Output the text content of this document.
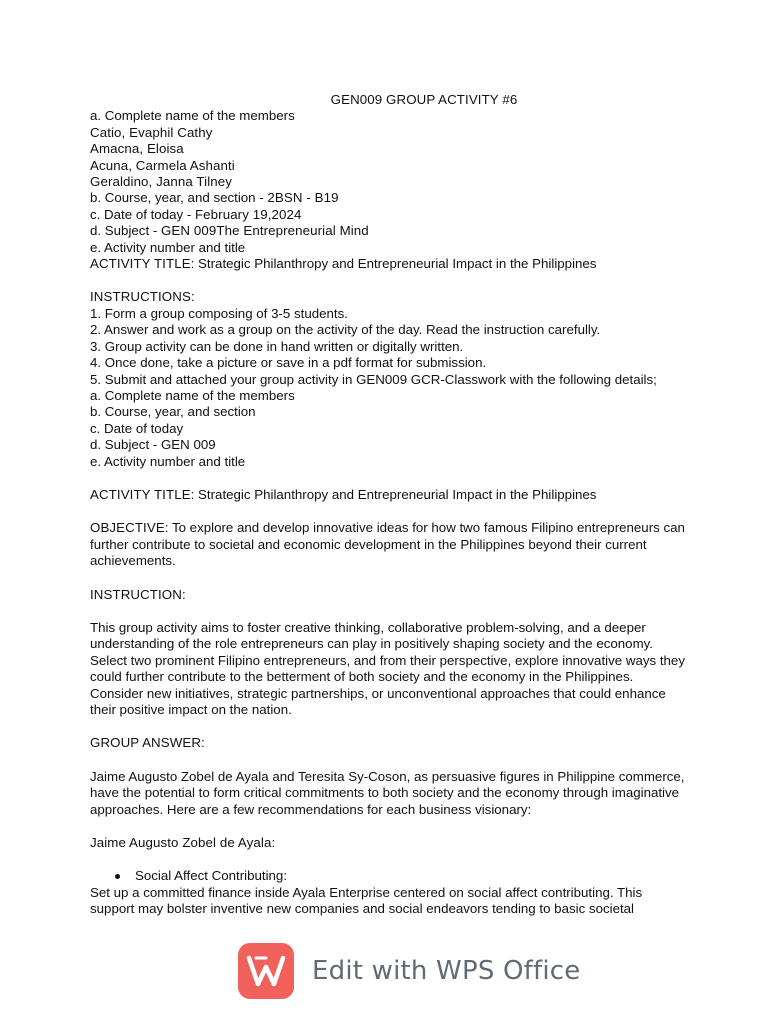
GEN009 GROUP ACTIVITY #6
a. Complete name of the members
Catio, Evaphil Cathy
Amacna, Eloisa
Acuna, Carmela Ashanti
Geraldino, Janna Tilney
b. Course, year, and section - 2BSN - B19
c. Date of today - February 19,2024
d. Subject - GEN 009The Entrepreneurial Mind
e. Activity number and title
ACTIVITY TITLE: Strategic Philanthropy and Entrepreneurial Impact in the Philippines
INSTRUCTIONS:
1. Form a group composing of 3-5 students.
2. Answer and work as a group on the activity of the day. Read the instruction carefully.
3. Group activity can be done in hand written or digitally written.
4. Once done, take a picture or save in a pdf format for submission.
5. Submit and attached your group activity in GEN009 GCR-Classwork with the following details;
a. Complete name of the members
b. Course, year, and section
c. Date of today
d. Subject - GEN 009
e. Activity number and title
ACTIVITY TITLE: Strategic Philanthropy and Entrepreneurial Impact in the Philippines
OBJECTIVE: To explore and develop innovative ideas for how two famous Filipino entrepreneurs can further contribute to societal and economic development in the Philippines beyond their current achievements.
INSTRUCTION:
This group activity aims to foster creative thinking, collaborative problem-solving, and a deeper understanding of the role entrepreneurs can play in positively shaping society and the economy. Select two prominent Filipino entrepreneurs, and from their perspective, explore innovative ways they could further contribute to the betterment of both society and the economy in the Philippines. Consider new initiatives, strategic partnerships, or unconventional approaches that could enhance their positive impact on the nation.
GROUP ANSWER:
Jaime Augusto Zobel de Ayala and Teresita Sy-Coson, as persuasive figures in Philippine commerce, have the potential to form critical commitments to both society and the economy through imaginative approaches. Here are a few recommendations for each business visionary:
Jaime Augusto Zobel de Ayala:
Social Affect Contributing:
Set up a committed finance inside Ayala Enterprise centered on social affect contributing. This support may bolster inventive new companies and social endeavors tending to basic societal
Edit with WPS Office
